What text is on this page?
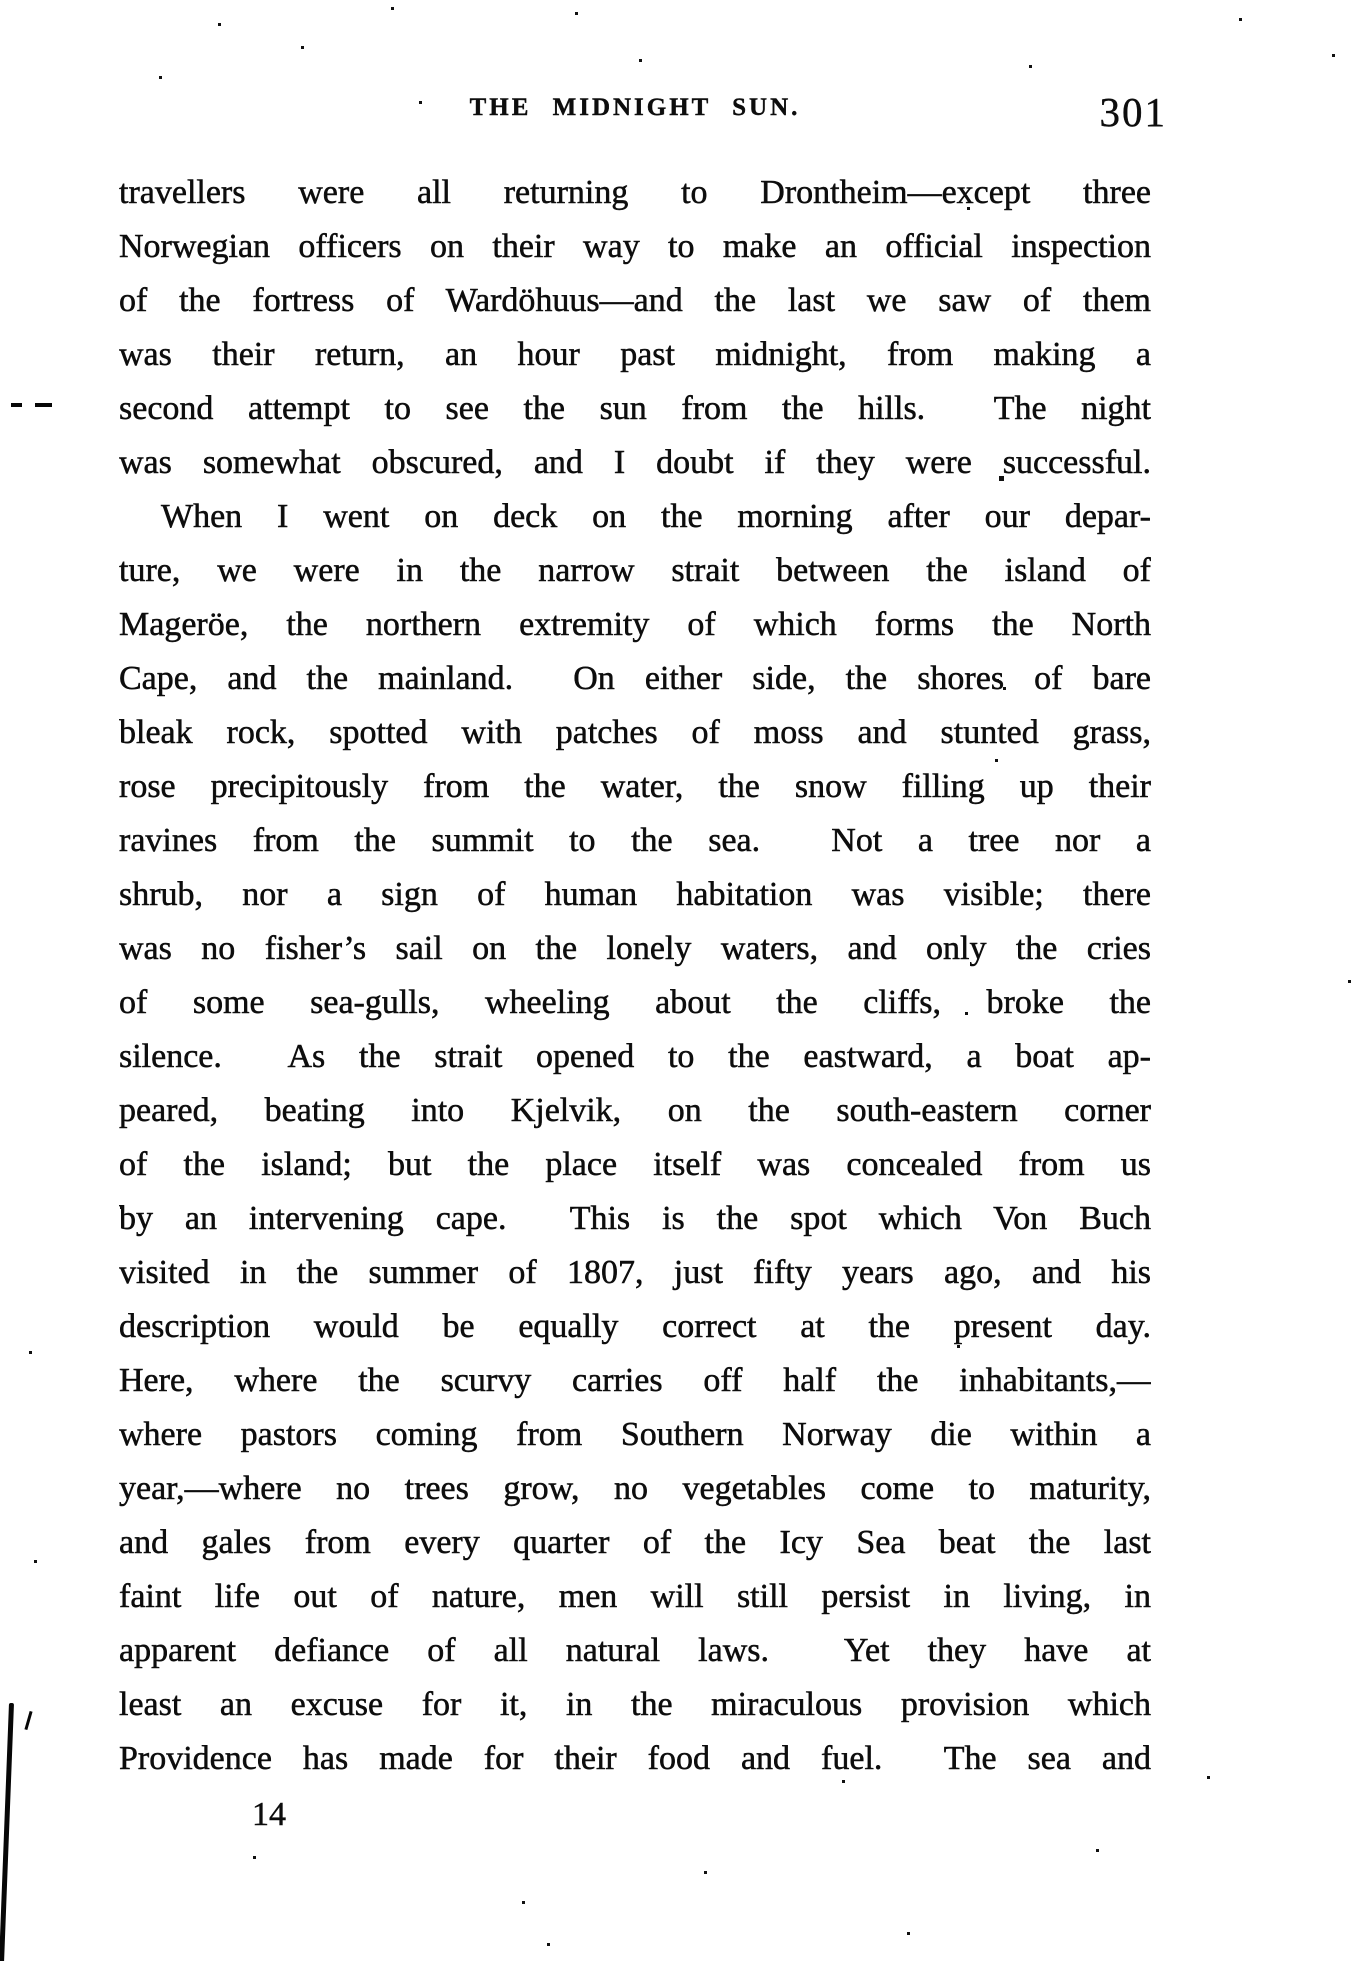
THE MIDNIGHT SUN.	301
travellers were all returning to Drontheim—except three
Norwegian officers on their way to make an official inspection
of the fortress of Wardöhuus—and the last we saw of them
was their return, an hour past midnight, from making a
second attempt to see the sun from the hills.  The night
was somewhat obscured, and I doubt if they were successful.
When I went on deck on the morning after our depar-
ture, we were in the narrow strait between the island of
Mageröe, the northern extremity of which forms the North
Cape, and the mainland.  On either side, the shores of bare
bleak rock, spotted with patches of moss and stunted grass,
rose precipitously from the water, the snow filling up their
ravines from the summit to the sea.  Not a tree nor a
shrub, nor a sign of human habitation was visible; there
was no fisher’s sail on the lonely waters, and only the cries
of some sea-gulls, wheeling about the cliffs, broke the
silence.  As the strait opened to the eastward, a boat ap-
peared, beating into Kjelvik, on the south-eastern corner
of the island; but the place itself was concealed from us
by an intervening cape.  This is the spot which Von Buch
visited in the summer of 1807, just fifty years ago, and his
description would be equally correct at the present day.
Here, where the scurvy carries off half the inhabitants,—
where pastors coming from Southern Norway die within a
year,—where no trees grow, no vegetables come to maturity,
and gales from every quarter of the Icy Sea beat the last
faint life out of nature, men will still persist in living, in
apparent defiance of all natural laws.  Yet they have at
least an excuse for it, in the miraculous provision which
Providence has made for their food and fuel.  The sea and
14
